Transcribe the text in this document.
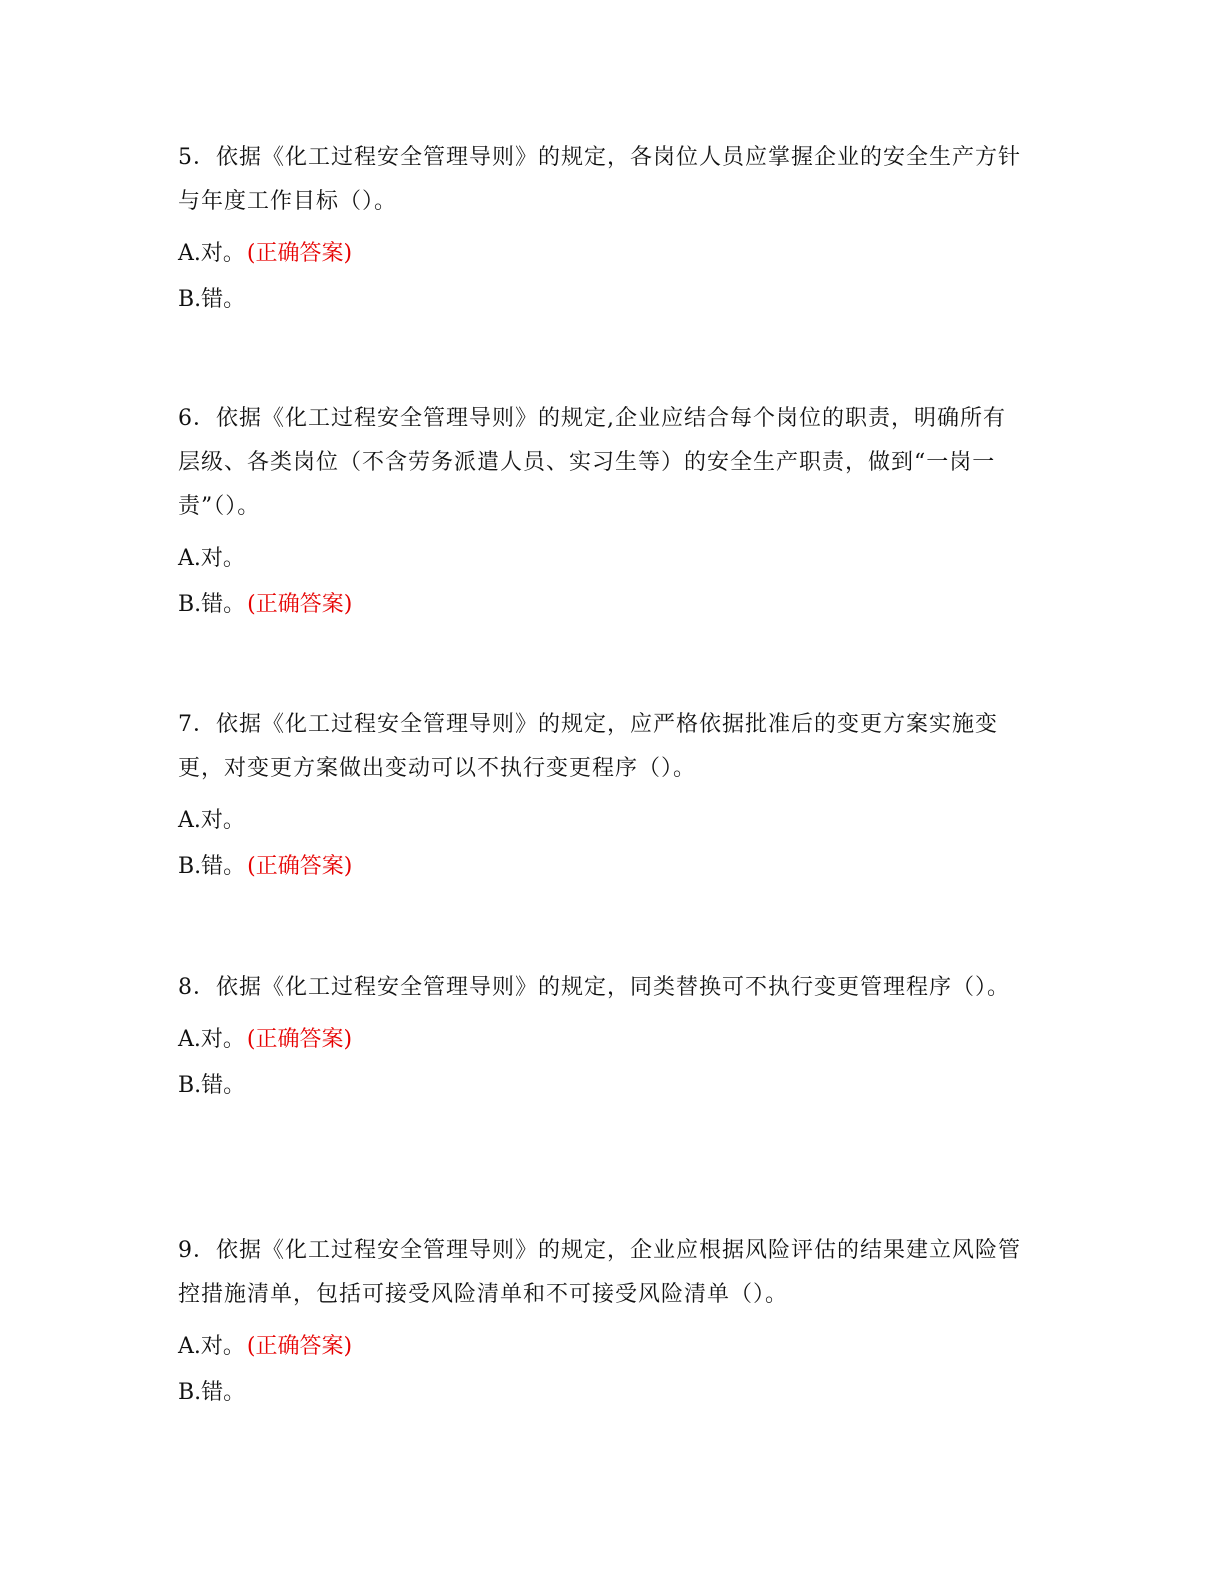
5．依据《化工过程安全管理导则》的规定，各岗位人员应掌握企业的安全生产方针与年度工作目标（）。

A.对。(正确答案)

B.错。

6．依据《化工过程安全管理导则》的规定,企业应结合每个岗位的职责，明确所有层级、各类岗位（不含劳务派遣人员、实习生等）的安全生产职责，做到“一岗一责”（）。

A.对。

B.错。(正确答案)

7．依据《化工过程安全管理导则》的规定，应严格依据批准后的变更方案实施变更，对变更方案做出变动可以不执行变更程序（）。

A.对。

B.错。(正确答案)

8．依据《化工过程安全管理导则》的规定，同类替换可不执行变更管理程序（）。

A.对。(正确答案)

B.错。

9．依据《化工过程安全管理导则》的规定，企业应根据风险评估的结果建立风险管控措施清单，包括可接受风险清单和不可接受风险清单（）。

A.对。(正确答案)

B.错。
